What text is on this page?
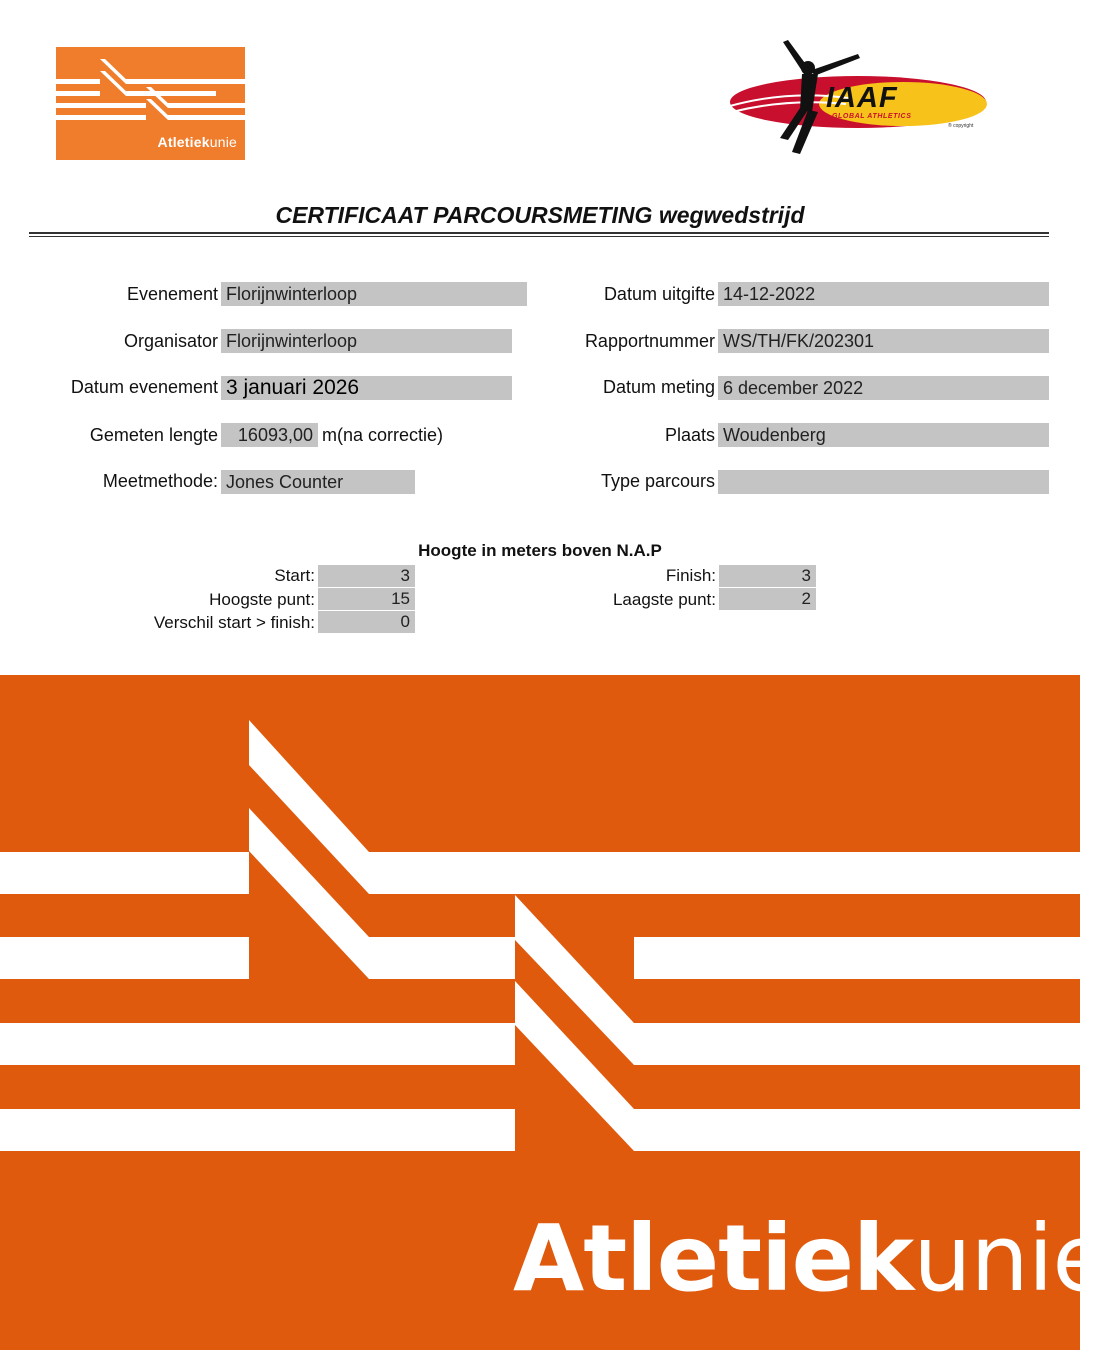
Atletiekunie
IAAF
GLOBAL ATHLETICS
® copyright
CERTIFICAAT PARCOURSMETING wegwedstrijd
Evenement Florijnwinterloop
Organisator Florijnwinterloop
Datum evenement 3 januari 2026
Gemeten lengte	16093,00 m(na correctie)
Meetmethode: Jones Counter
Datum uitgifte 14-12-2022
Rapportnummer WS/TH/FK/202301
Datum meting 6 december 2022
Plaats Woudenberg
Type parcours
Hoogte in meters boven N.A.P
Start:	3
Hoogste punt:	15
Verschil start > finish:	0
Finish:	3
Laagste punt:	2
Atletiekunie
